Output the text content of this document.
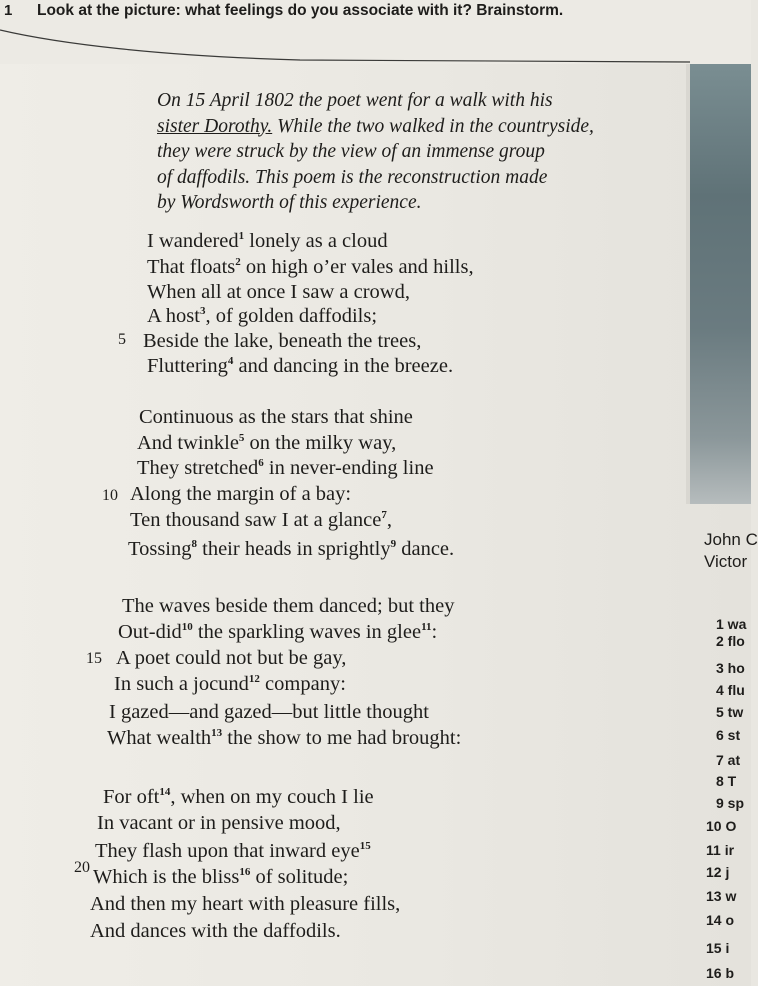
1 Look at the picture: what feelings do you associate with it? Brainstorm.
On 15 April 1802 the poet went for a walk with his
sister Dorothy. While the two walked in the countryside,
they were struck by the view of an immense group
of daffodils. This poem is the reconstruction made
by Wordsworth of this experience.
I wandered$^1$ lonely as a cloud
That floats$^2$ on high o’er vales and hills,
When all at once I saw a crowd,
A host$^3$, of golden daffodils;
Beside the lake, beneath the trees,
Fluttering$^4$ and dancing in the breeze.
Continuous as the stars that shine
And twinkle$^5$ on the milky way,
They stretched$^6$ in never-ending line
Along the margin of a bay:
Ten thousand saw I at a glance$^7$,
Tossing$^8$ their heads in sprightly$^9$ dance.
The waves beside them danced; but they
Out-did$^{10}$ the sparkling waves in glee$^{11}$:
A poet could not but be gay,
In such a jocund$^{12}$ company:
I gazed—and gazed—but little thought
What wealth$^{13}$ the show to me had brought:
For oft$^{14}$, when on my couch I lie
In vacant or in pensive mood,
They flash upon that inward eye$^{15}$
Which is the bliss$^{16}$ of solitude;
And then my heart with pleasure fills,
And dances with the daffodils.
5
10
15
20
John C
Victor
1 wa
2 flo
3 ho
4 flu
5 tw
6 st
7 at
8 T
9 sp
10 O
11 ir
12 j
13 w
14 o
15 i
16 b
